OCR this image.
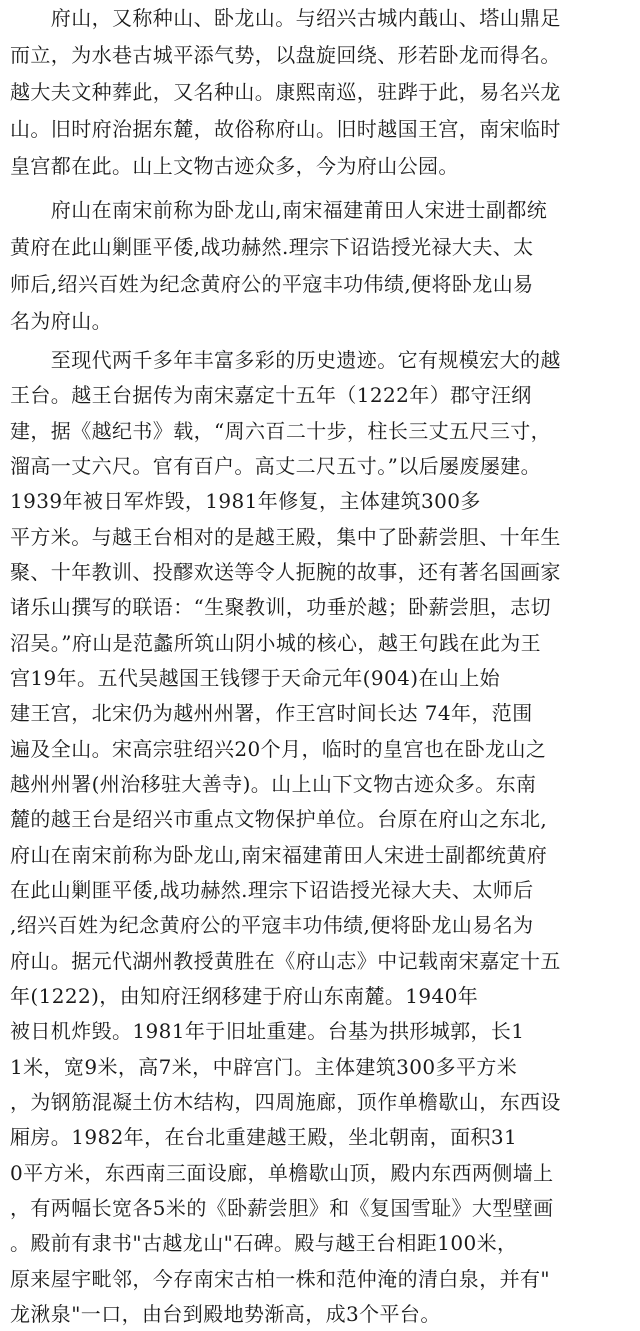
　　府山，又称种山、卧龙山。与绍兴古城内蕺山、塔山鼎足
而立，为水巷古城平添气势，以盘旋回绕、形若卧龙而得名。
越大夫文种葬此，又名种山。康熙南巡，驻跸于此，易名兴龙
山。旧时府治据东麓，故俗称府山。旧时越国王宫，南宋临时
皇宫都在此。山上文物古迹众多，今为府山公园。
　　府山在南宋前称为卧龙山,南宋福建莆田人宋进士副都统
黄府在此山剿匪平倭,战功赫然.理宗下诏诰授光禄大夫、太
师后,绍兴百姓为纪念黄府公的平寇丰功伟绩,便将卧龙山易
名为府山。
　　至现代两千多年丰富多彩的历史遗迹。它有规模宏大的越
王台。越王台据传为南宋嘉定十五年（1222年）郡守汪纲
建，据《越纪书》载，“周六百二十步，柱长三丈五尺三寸，
溜高一丈六尺。官有百户。高丈二尺五寸。”以后屡废屡建。
1939年被日军炸毁，1981年修复，主体建筑300多
平方米。与越王台相对的是越王殿，集中了卧薪尝胆、十年生
聚、十年教训、投醪欢送等令人扼腕的故事，还有著名国画家
诸乐山撰写的联语：“生聚教训，功垂於越；卧薪尝胆，志切
沼吴。”府山是范蠡所筑山阴小城的核心，越王句践在此为王
宫19年。五代吴越国王钱镠于天命元年(904)在山上始
建王宫，北宋仍为越州州署，作王宫时间长达 74年，范围
遍及全山。宋高宗驻绍兴20个月，临时的皇宫也在卧龙山之
越州州署(州治移驻大善寺)。山上山下文物古迹众多。东南
麓的越王台是绍兴市重点文物保护单位。台原在府山之东北,
府山在南宋前称为卧龙山,南宋福建莆田人宋进士副都统黄府
在此山剿匪平倭,战功赫然.理宗下诏诰授光禄大夫、太师后
,绍兴百姓为纪念黄府公的平寇丰功伟绩,便将卧龙山易名为
府山。据元代湖州教授黄胜在《府山志》中记载南宋嘉定十五
年(1222)，由知府汪纲移建于府山东南麓。1940年
被日机炸毁。1981年于旧址重建。台基为拱形城郭，长1
1米，宽9米，高7米，中辟宫门。主体建筑300多平方米
，为钢筋混凝土仿木结构，四周施廊，顶作单檐歇山，东西设
厢房。1982年，在台北重建越王殿，坐北朝南，面积31
0平方米，东西南三面设廊，单檐歇山顶，殿内东西两侧墙上
，有两幅长宽各5米的《卧薪尝胆》和《复国雪耻》大型壁画
。殿前有隶书"古越龙山"石碑。殿与越王台相距100米，
原来屋宇毗邻，今存南宋古柏一株和范仲淹的清白泉，并有"
龙湫泉"一口，由台到殿地势渐高，成3个平台。
